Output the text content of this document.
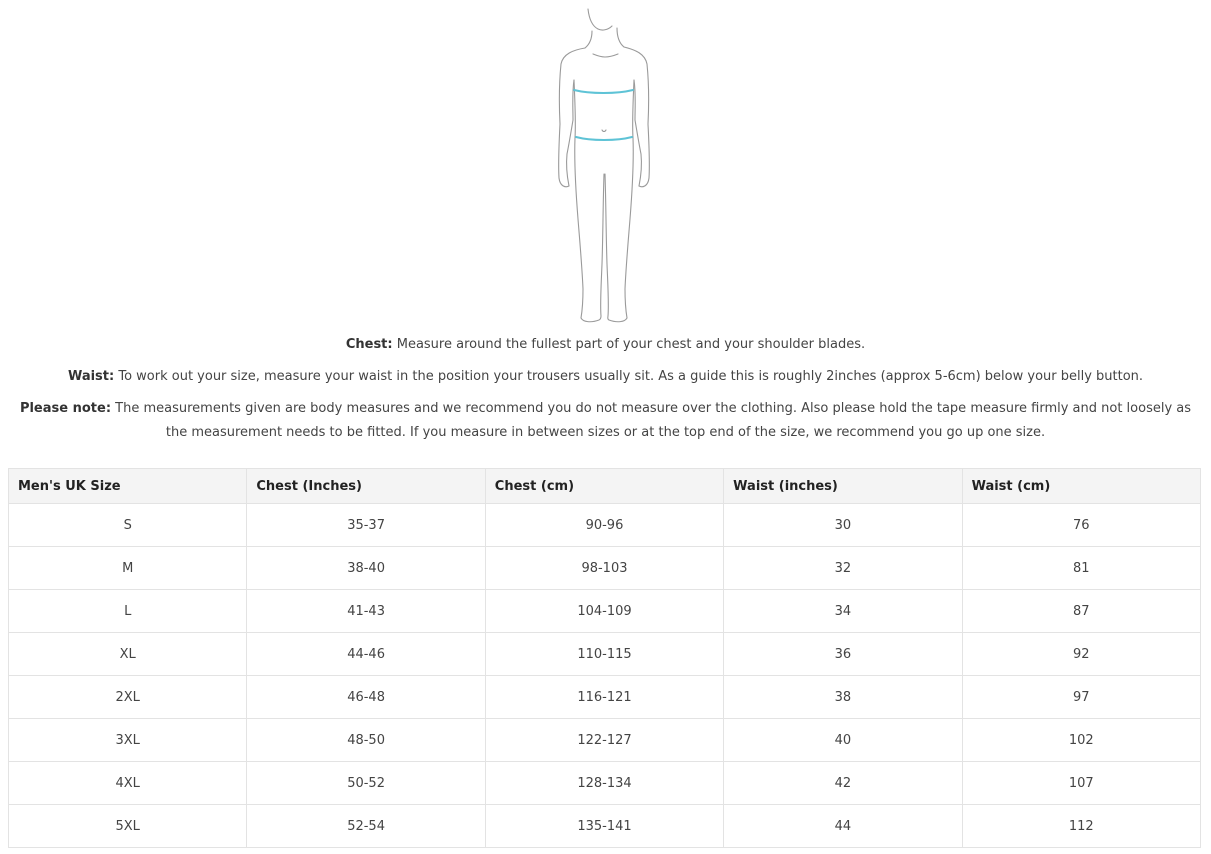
Chest: Measure around the fullest part of your chest and your shoulder blades.

Waist: To work out your size, measure your waist in the position your trousers usually sit. As a guide this is roughly 2inches (approx 5-6cm) below your belly button.

Please note: The measurements given are body measures and we recommend you do not measure over the clothing. Also please hold the tape measure firmly and not loosely as the measurement needs to be fitted. If you measure in between sizes or at the top end of the size, we recommend you go up one size.

Men's UK Size	Chest (Inches)	Chest (cm)	Waist (inches)	Waist (cm)
S	35-37	90-96	30	76
M	38-40	98-103	32	81
L	41-43	104-109	34	87
XL	44-46	110-115	36	92
2XL	46-48	116-121	38	97
3XL	48-50	122-127	40	102
4XL	50-52	128-134	42	107
5XL	52-54	135-141	44	112
